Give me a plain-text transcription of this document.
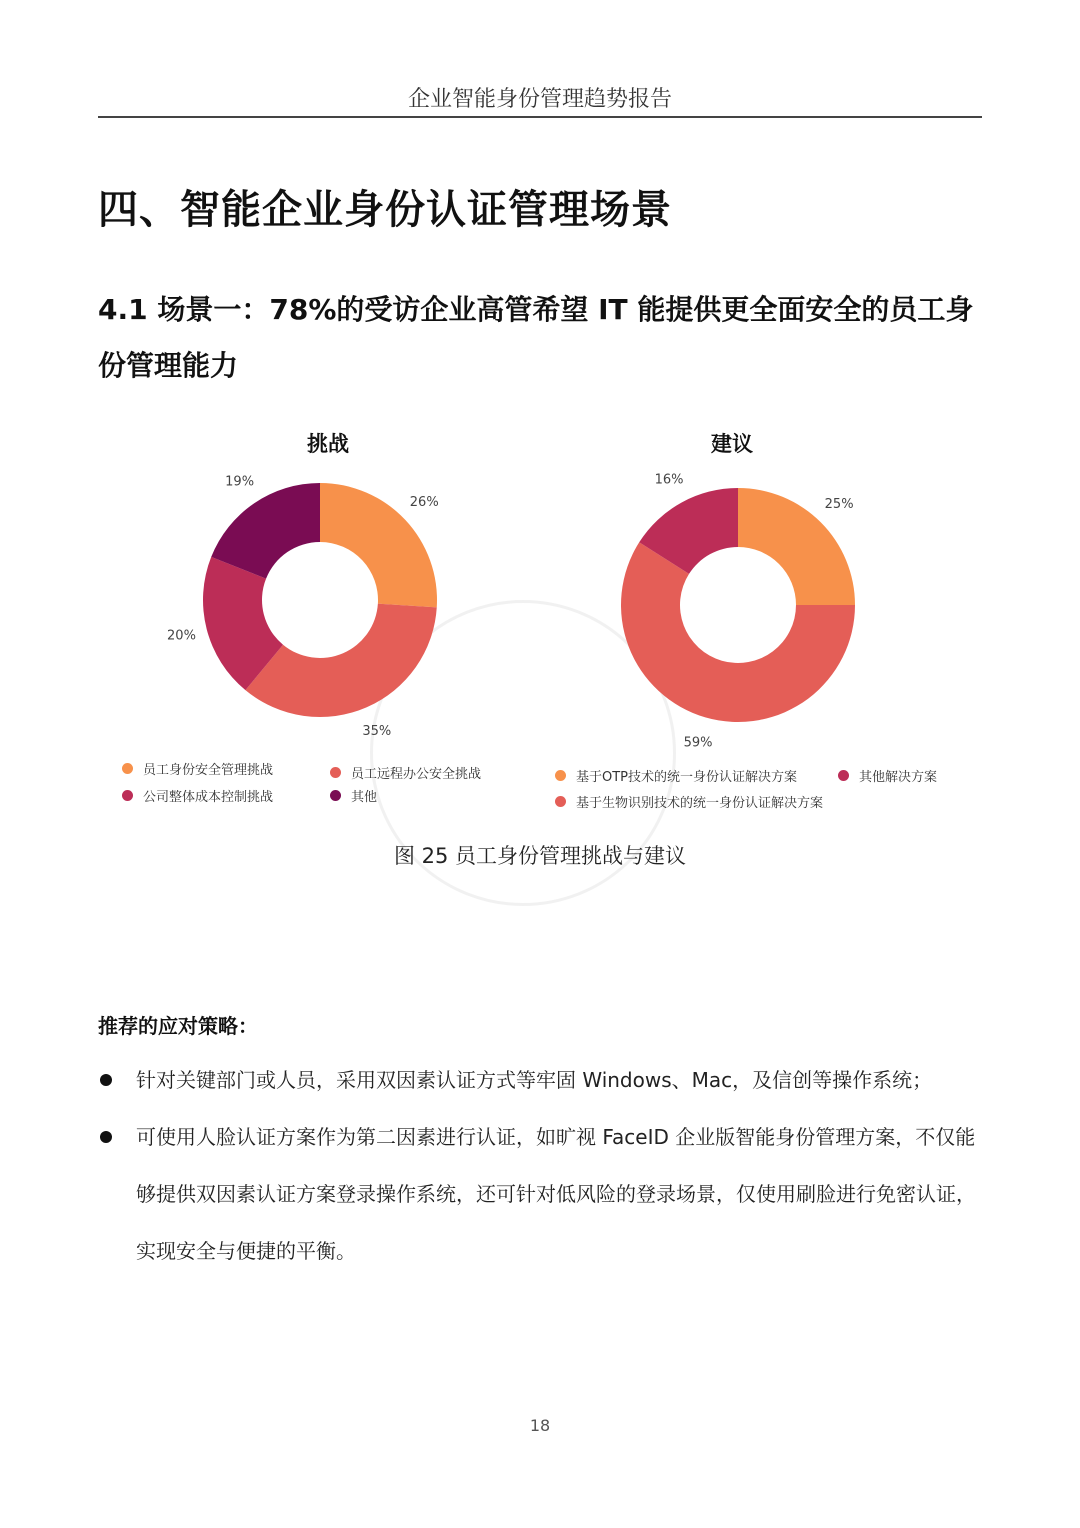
企业智能身份管理趋势报告
四、智能企业身份认证管理场景
4.1 场景一：78%的受访企业高管希望 IT 能提供更全面安全的员工身份管理能力
挑战
26%
35%
20%
19%
建议
25%
59%
16%
员工身份安全管理挑战	员工远程办公安全挑战
公司整体成本控制挑战	其他
基于OTP技术的统一身份认证解决方案	其他解决方案
基于生物识别技术的统一身份认证解决方案
图 25 员工身份管理挑战与建议
推荐的应对策略：
针对关键部门或人员，采用双因素认证方式等牢固 Windows、Mac，及信创等操作系统；
可使用人脸认证方案作为第二因素进行认证，如旷视 FaceID 企业版智能身份管理方案，不仅能够提供双因素认证方案登录操作系统，还可针对低风险的登录场景，仅使用刷脸进行免密认证，实现安全与便捷的平衡。
18
